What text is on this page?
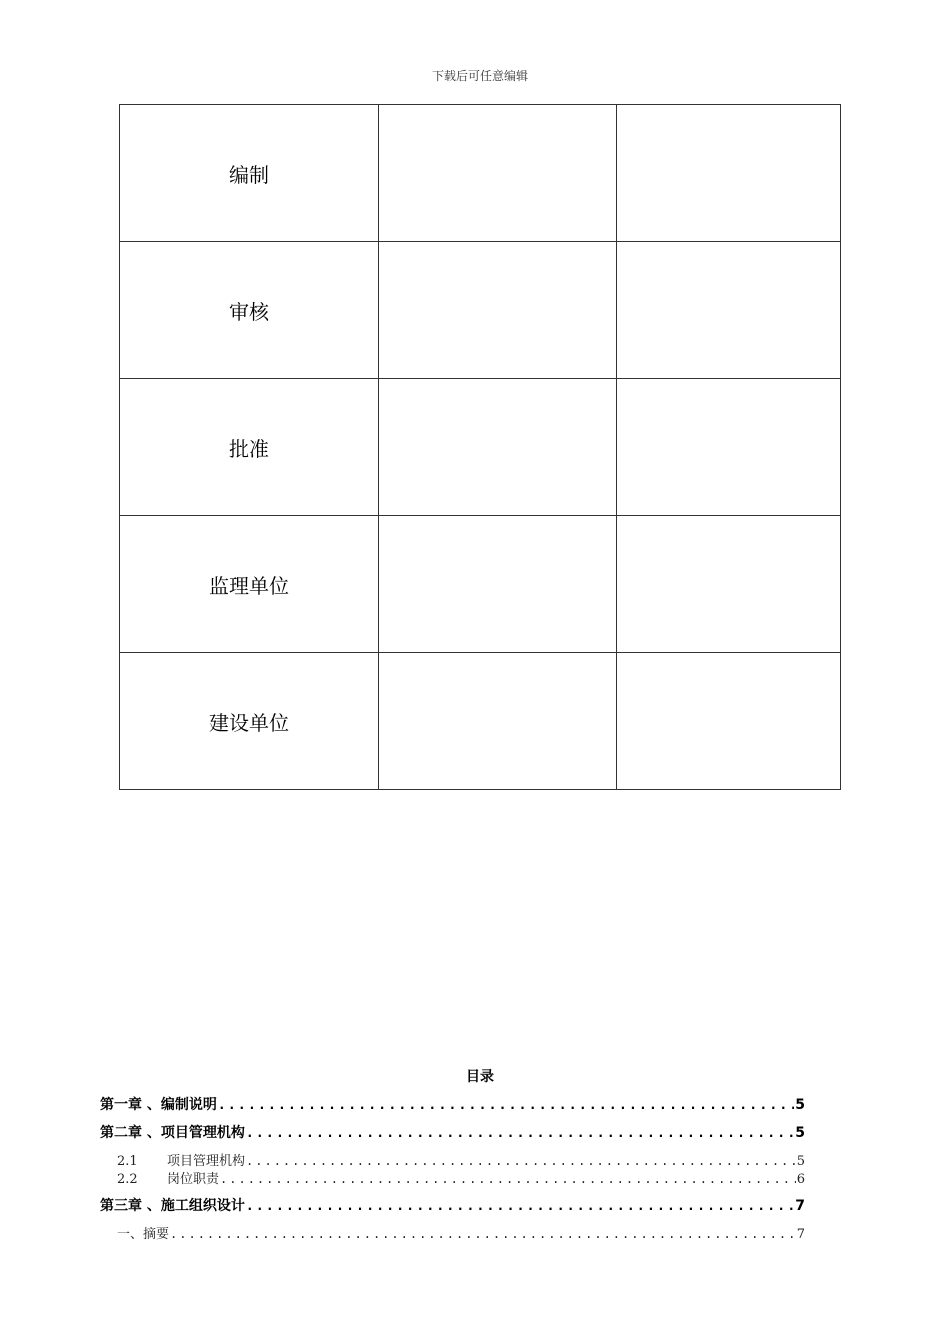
下载后可任意编辑
编制		
审核		
批准		
监理单位		
建设单位		
目录
第一章 、编制说明 .....	5
第二章 、项目管理机构 .....	5
2.1 项目管理机构 .....	5
2.2 岗位职责 .....	6
第三章 、施工组织设计 .....	7
一、摘要 .....	7
